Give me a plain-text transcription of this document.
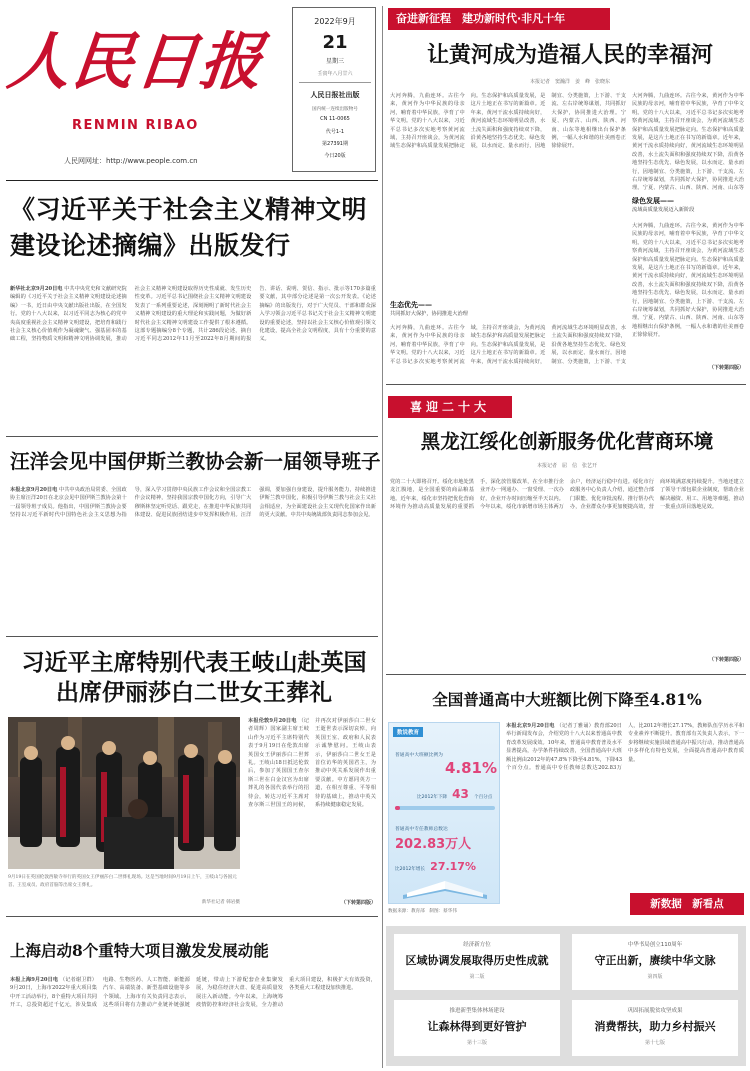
人民日报
RENMIN RIBAO
人民网网址：http://www.people.com.cn
2022年9月
21
星期三
壬寅年八月廿六
人民日报社出版
国内统一连续出版物号
CN 11-0065
代号1-1
第27391期
今日20版
《习近平关于社会主义精神文明
建设论述摘编》出版发行
新华社北京9月20日电 中共中央党史和文献研究院编辑的《习近平关于社会主义精神文明建设论述摘编》一书，近日由中央文献出版社出版，在全国发行。党的十八大以来，以习近平同志为核心的党中央高度重视社会主义精神文明建设，把培育和践行社会主义核心价值观作为凝魂聚气、强基固本的基础工程，坚持物质文明和精神文明协调发展，推动社会主义精神文明建设取得历史性成就、发生历史性变革。习近平总书记围绕社会主义精神文明建设发表了一系列重要论述，深刻阐明了新时代社会主义精神文明建设的重大理论和实践问题，为做好新时代社会主义精神文明建设工作提供了根本遵循。这部专题摘编分8个专题，共计286段论述，摘自习近平同志2012年11月至2022年8月期间的报告、讲话、说明、贺信、指示、批示等170多篇重要文献，其中部分论述是第一次公开发表。《论述摘编》的出版发行，对于广大党员、干部和群众深入学习领会习近平总书记关于社会主义精神文明建设的重要论述，坚持以社会主义核心价值观引领文化建设，提高全社会文明程度，具有十分重要的意义。
汪洋会见中国伊斯兰教协会新一届领导班子
本报北京9月20日电 中共中央政治局常委、全国政协主席汪洋20日在北京会见中国伊斯兰教协会第十一届领导班子成员。他指出，中国伊斯兰教协会要坚持以习近平新时代中国特色社会主义思想为指导，深入学习贯彻中央民族工作会议和全国宗教工作会议精神，坚持我国宗教中国化方向，引导广大穆斯林坚定听党话、跟党走，在推进中华民族共同体建设、促进民族团结进步中发挥积极作用。汪洋强调，要加强自身建设，提升服务能力，持续推进伊斯兰教中国化，积极引导伊斯兰教与社会主义社会相适应，为全面建设社会主义现代化国家作出新的更大贡献。中共中央统战部负责同志参加会见。
习近平主席特别代表王岐山赴英国
出席伊丽莎白二世女王葬礼
本报伦敦9月20日电 （记者周辉）国家副主席王岐山作为习近平主席特别代表于9月19日在伦敦出席英国女王伊丽莎白二世葬礼。王岐山18日抵达伦敦后，参加了英国国王查尔斯三世在白金汉宫为出席葬礼的各国代表举行的招待会，转达习近平主席对查尔斯三世国王的问候，并再次对伊丽莎白二世女王逝世表示深切哀悼，向英国王室、政府和人民表示诚挚慰问。王岐山表示，伊丽莎白二世女王是首位访华的英国君主，为推动中英关系发展作出重要贡献。中方愿同英方一道，在相互尊重、平等相待的基础上，推动中英关系持续健康稳定发展。
9月19日在英国伦敦西敏寺举行的英国女王伊丽莎白二世葬礼现场。这是当地时间9月19日上午，王岐山与各国元首、王室成员、政府首脑等出席女王葬礼。
新华社记者 韩岩摄	（下转第四版）
上海启动8个重特大项目激发发展动能
本报上海9月20日电 （记者谢卫群）9月20日，上海市2022年重大项目集中开工活动举行，8个重特大项目共同开工，总投资超过千亿元，涉及集成电路、生物医药、人工智能、新能源汽车、高端装备、新型基础设施等多个领域。上海市有关负责同志表示，这些项目将有力推动产业链补链强链延链，带动上下游配套企业集聚发展，为稳住经济大盘、促进高质量发展注入新动能。今年以来，上海统筹疫情防控和经济社会发展，全力推动重大项目建设，积极扩大有效投资，各类重大工程建设加快推进。
奋进新征程　建功新时代·非凡十年
让黄河成为造福人民的幸福河
本报记者　窦瀚洋　姜　峰　张晓东
大河奔腾，九曲连环。古往今来，黄河作为中华民族的母亲河，哺育着中华民族，孕育了中华文明。党的十八大以来，习近平总书记多次实地考察黄河流域，主持召开座谈会，为黄河流域生态保护和高质量发展把脉定向。生态保护和高质量发展，是这片土地正在书写的新篇章。近年来，黄河干流水质持续向好，黄河流域生态环境明显改善，水土流失面积和强度持续双下降，沿黄各地坚持生态优先、绿色发展，以水而定、量水而行，因地制宜、分类施策，上下游、干支流、左右岸统筹谋划，共同抓好大保护，协同推进大治理。宁夏、内蒙古、山西、陕西、河南、山东等地相继出台保护条例，一幅人水和谐的壮美画卷正徐徐展开。
大河奔腾，九曲连环。古往今来，黄河作为中华民族的母亲河，哺育着中华民族，孕育了中华文明。党的十八大以来，习近平总书记多次实地考察黄河流域，主持召开座谈会，为黄河流域生态保护和高质量发展把脉定向。生态保护和高质量发展，是这片土地正在书写的新篇章。近年来，黄河干流水质持续向好，黄河流域生态环境明显改善，水土流失面积和强度持续双下降，沿黄各地坚持生态优先、绿色发展，以水而定、量水而行，因地制宜、分类施策，上下游、干支流、左右岸统筹谋划，共同抓好大保护，协同推进大治理。宁夏、内蒙古、山西、陕西、河南、山东等
绿色发展——
流域高质量发展迈入新阶段
大河奔腾，九曲连环。古往今来，黄河作为中华民族的母亲河，哺育着中华民族，孕育了中华文明。党的十八大以来，习近平总书记多次实地考察黄河流域，主持召开座谈会，为黄河流域生态保护和高质量发展把脉定向。生态保护和高质量发展，是这片土地正在书写的新篇章。近年来，黄河干流水质持续向好，黄河流域生态环境明显改善，水土流失面积和强度持续双下降，沿黄各地坚持生态优先、绿色发展，以水而定、量水而行，因地制宜、分类施策，上下游、干支流、左右岸统筹谋划，共同抓好大保护，协同推进大治理。宁夏、内蒙古、山西、陕西、河南、山东等地相继出台保护条例，一幅人水和谐的壮美画卷正徐徐展开。
生态优先——
共同抓好大保护，协同推进大治理
大河奔腾，九曲连环。古往今来，黄河作为中华民族的母亲河，哺育着中华民族，孕育了中华文明。党的十八大以来，习近平总书记多次实地考察黄河流域，主持召开座谈会，为黄河流域生态保护和高质量发展把脉定向。生态保护和高质量发展，是这片土地正在书写的新篇章。近年来，黄河干流水质持续向好，黄河流域生态环境明显改善，水土流失面积和强度持续双下降，沿黄各地坚持生态优先、绿色发展，以水而定、量水而行，因地制宜、分类施策，上下游、干支
（下转第四版）
喜迎二十大
黑龙江绥化创新服务优化营商环境
本报记者　屈　信　张艺开
党的二十大即将召开。绥化市地处黑龙江腹地，是全国重要的商品粮基地。近年来，绥化市坚持把优化营商环境作为推动高质量发展的重要抓手，深化放管服改革，在全市推行企业开办一网通办、一窗受理、一次办好，企业开办时间压缩至半天以内。今年以来，绥化市新增市场主体两万余户，经济运行稳中有进。绥化市行政服务中心负责人介绍，通过整合部门职能、优化审批流程、推行帮办代办，企业群众办事更加便捷高效，营商环境满意度持续提升。当地还建立了领导干部包联企业制度，帮助企业解决融资、用工、用地等难题，推动一批重点项目落地见效。
（下转第四版）
全国普通高中大班额比例下降至4.81%
数说教育
普通高中大班额比例为
4.81%
比2012年下降 43 个百分点
普通高中专任教师总数达
202.83万人
比2012年增长 27.17%
数据来源：教育部　制图：蔡华伟
本报北京9月20日电 （记者丁雅诵）教育部20日举行新闻发布会，介绍党的十八大以来普通高中教育改革发展成效。10年来，普通高中教育普及水平显著提高，办学条件持续改善，全国普通高中大班额比例由2012年的47.8%下降至4.81%，下降43个百分点。普通高中专任教师总数达202.83万人，比2012年增长27.17%，教师队伍学历水平和专业素养不断提升。教育部有关负责人表示，下一步将继续实施县域普通高中振兴行动，推动普通高中多样化有特色发展，全面提高普通高中教育质量。
新数据　新看点
经济新方位
区域协调发展取得历史性成就
第二版
中华书局创立110周年
守正出新，赓续中华文脉
第四版
推进新型集体林场建设
让森林得到更好管护
第十三版
巩固拓展脱贫攻坚成果
消费帮扶，助力乡村振兴
第十七版
